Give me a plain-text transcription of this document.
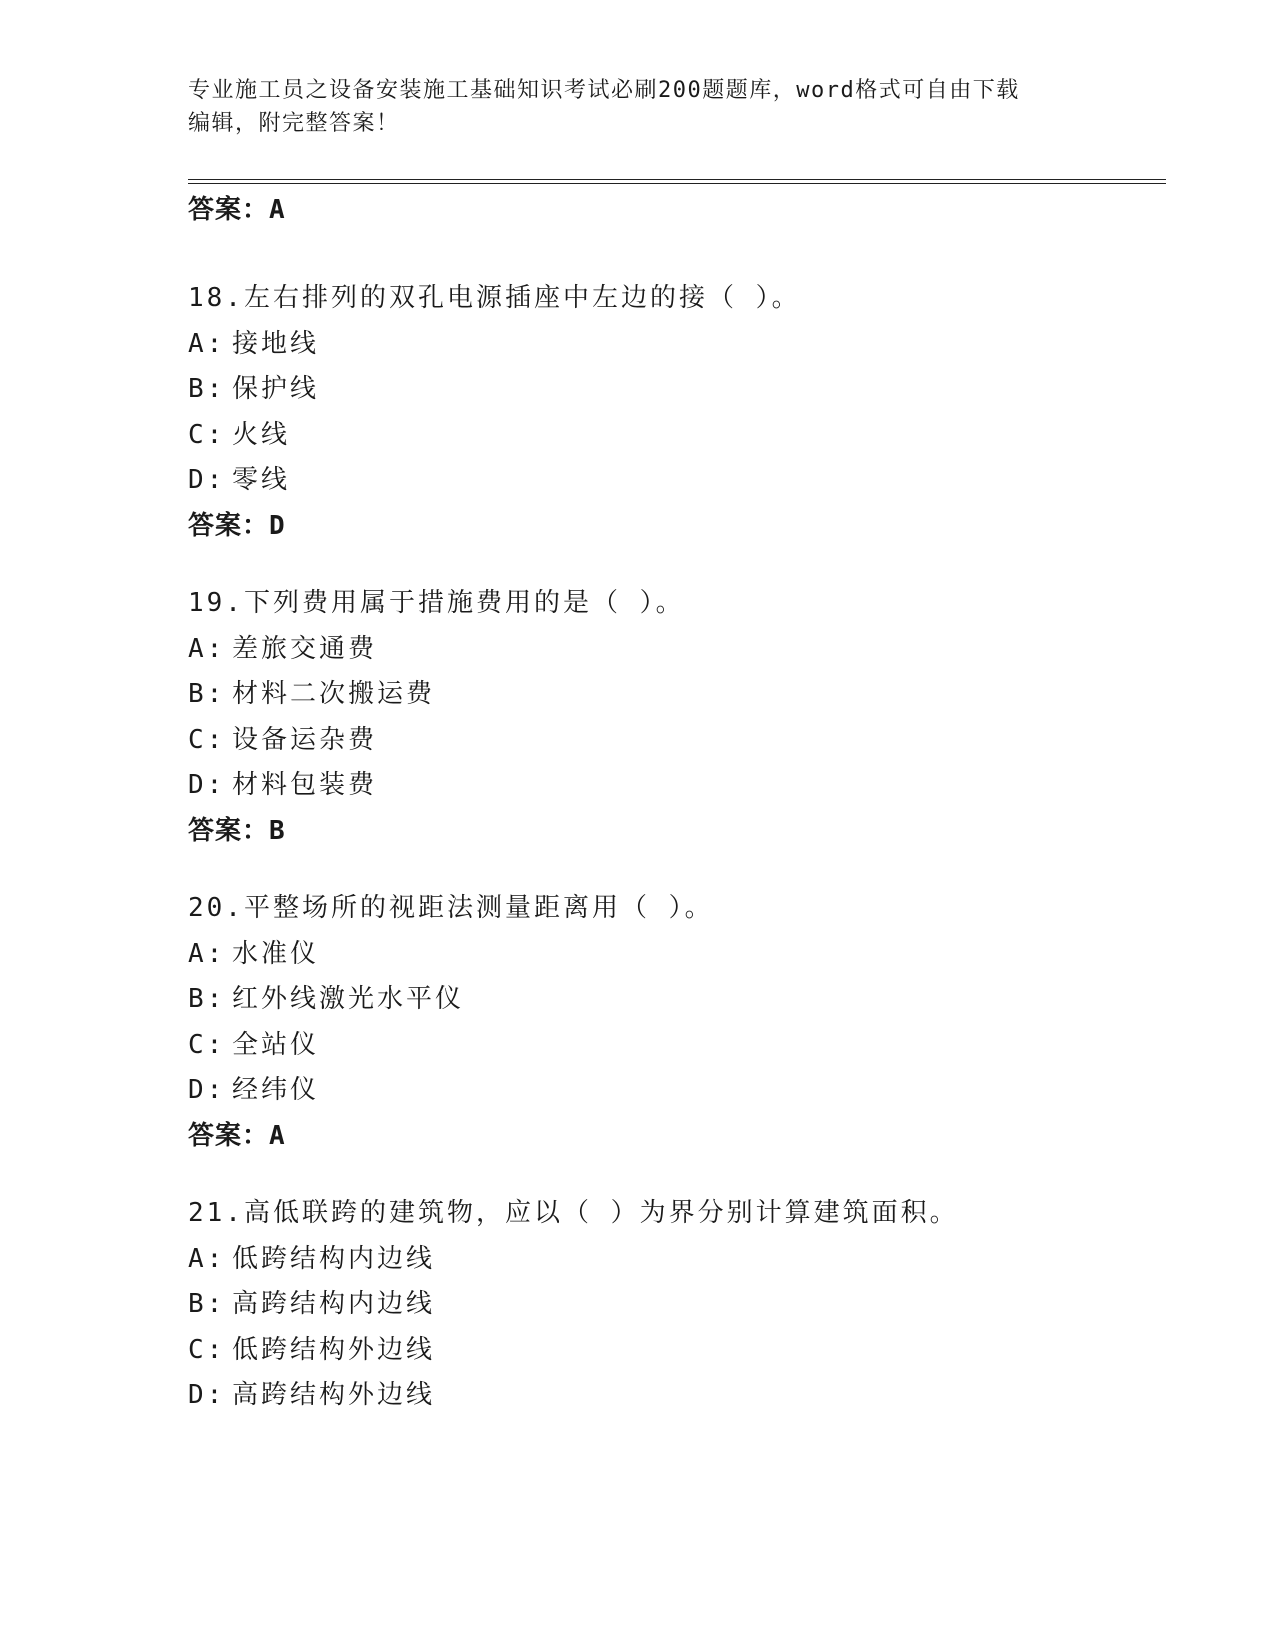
专业施工员之设备安装施工基础知识考试必刷200题题库，word格式可自由下载
编辑，附完整答案！
答案：A
18.左右排列的双孔电源插座中左边的接（ ）。
A: 接地线
B: 保护线
C: 火线
D: 零线
答案：D
19.下列费用属于措施费用的是（ ）。
A: 差旅交通费
B: 材料二次搬运费
C: 设备运杂费
D: 材料包装费
答案：B
20.平整场所的视距法测量距离用（ ）。
A: 水准仪
B: 红外线激光水平仪
C: 全站仪
D: 经纬仪
答案：A
21.高低联跨的建筑物，应以（ ）为界分别计算建筑面积。
A: 低跨结构内边线
B: 高跨结构内边线
C: 低跨结构外边线
D: 高跨结构外边线
